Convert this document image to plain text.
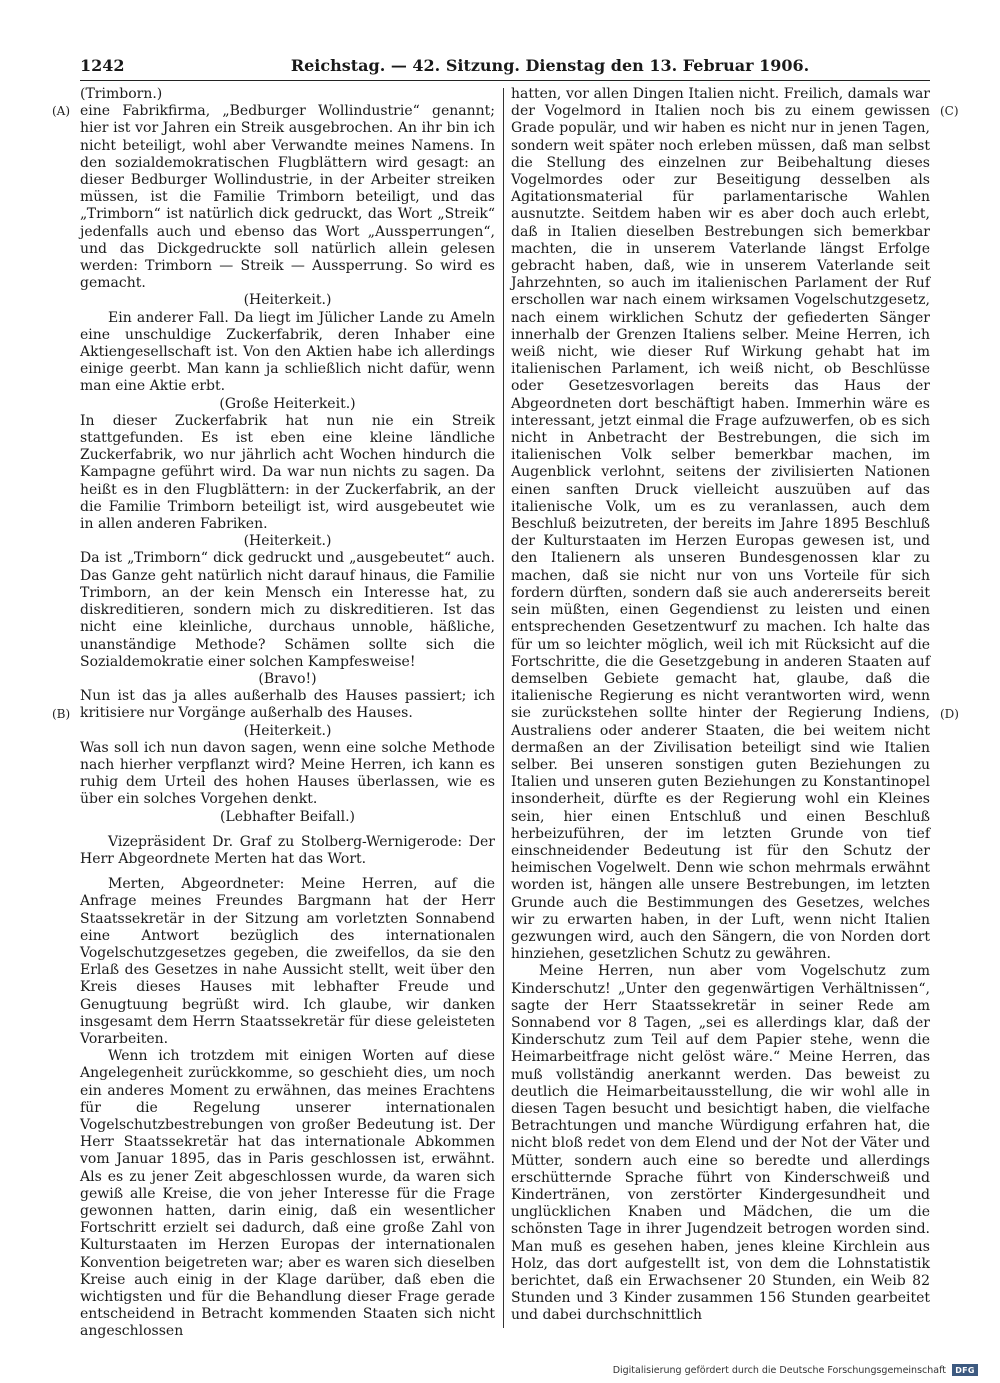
1242	Reichstag. — 42. Sitzung. Dienstag den 13. Februar 1906.
(A)
(B)
(C)
(D)

(Trimborn.)

eine Fabrikfirma, „Bedburger Wollindustrie“ genannt; hier ist vor Jahren ein Streik ausgebrochen. An ihr bin ich nicht beteiligt, wohl aber Verwandte meines Namens. In den sozialdemokratischen Flugblättern wird gesagt: an dieser Bedburger Wollindustrie, in der Arbeiter streiken müssen, ist die Familie Trimborn beteiligt, und das „Trimborn“ ist natürlich dick gedruckt, das Wort „Streik“ jedenfalls auch und ebenso das Wort „Aussperrungen“, und das Dickgedruckte soll natürlich allein gelesen werden: Trimborn — Streik — Aussperrung. So wird es gemacht.

(Heiterkeit.)

Ein anderer Fall. Da liegt im Jülicher Lande zu Ameln eine unschuldige Zuckerfabrik, deren Inhaber eine Aktiengesellschaft ist. Von den Aktien habe ich allerdings einige geerbt. Man kann ja schließlich nicht dafür, wenn man eine Aktie erbt.

(Große Heiterkeit.)

In dieser Zuckerfabrik hat nun nie ein Streik stattgefunden. Es ist eben eine kleine ländliche Zuckerfabrik, wo nur jährlich acht Wochen hindurch die Kampagne geführt wird. Da war nun nichts zu sagen. Da heißt es in den Flugblättern: in der Zuckerfabrik, an der die Familie Trimborn beteiligt ist, wird ausgebeutet wie in allen anderen Fabriken.

(Heiterkeit.)

Da ist „Trimborn“ dick gedruckt und „ausgebeutet“ auch. Das Ganze geht natürlich nicht darauf hinaus, die Familie Trimborn, an der kein Mensch ein Interesse hat, zu diskreditieren, sondern mich zu diskreditieren. Ist das nicht eine kleinliche, durchaus unnoble, häßliche, unanständige Methode? Schämen sollte sich die Sozialdemokratie einer solchen Kampfesweise!

(Bravo!)

Nun ist das ja alles außerhalb des Hauses passiert; ich kritisiere nur Vorgänge außerhalb des Hauses.

(Heiterkeit.)

Was soll ich nun davon sagen, wenn eine solche Methode nach hierher verpflanzt wird? Meine Herren, ich kann es ruhig dem Urteil des hohen Hauses überlassen, wie es über ein solches Vorgehen denkt.

(Lebhafter Beifall.)

Vizepräsident Dr. Graf zu Stolberg-Wernigerode: Der Herr Abgeordnete Merten hat das Wort.

Merten, Abgeordneter: Meine Herren, auf die Anfrage meines Freundes Bargmann hat der Herr Staatssekretär in der Sitzung am vorletzten Sonnabend eine Antwort bezüglich des internationalen Vogelschutzgesetzes gegeben, die zweifellos, da sie den Erlaß des Gesetzes in nahe Aussicht stellt, weit über den Kreis dieses Hauses mit lebhafter Freude und Genugtuung begrüßt wird. Ich glaube, wir danken insgesamt dem Herrn Staatssekretär für diese geleisteten Vorarbeiten.

Wenn ich trotzdem mit einigen Worten auf diese Angelegenheit zurückkomme, so geschieht dies, um noch ein anderes Moment zu erwähnen, das meines Erachtens für die Regelung unserer internationalen Vogelschutzbestrebungen von großer Bedeutung ist. Der Herr Staatssekretär hat das internationale Abkommen vom Januar 1895, das in Paris geschlossen ist, erwähnt. Als es zu jener Zeit abgeschlossen wurde, da waren sich gewiß alle Kreise, die von jeher Interesse für die Frage gewonnen hatten, darin einig, daß ein wesentlicher Fortschritt erzielt sei dadurch, daß eine große Zahl von Kulturstaaten im Herzen Europas der internationalen Konvention beigetreten war; aber es waren sich dieselben Kreise auch einig in der Klage darüber, daß eben die wichtigsten und für die Behandlung dieser Frage gerade entscheidend in Betracht kommenden Staaten sich nicht angeschlossen

hatten, vor allen Dingen Italien nicht. Freilich, damals war der Vogelmord in Italien noch bis zu einem gewissen Grade populär, und wir haben es nicht nur in jenen Tagen, sondern weit später noch erleben müssen, daß man selbst die Stellung des einzelnen zur Beibehaltung dieses Vogelmordes oder zur Beseitigung desselben als Agitationsmaterial für parlamentarische Wahlen ausnutzte. Seitdem haben wir es aber doch auch erlebt, daß in Italien dieselben Bestrebungen sich bemerkbar machten, die in unserem Vaterlande längst Erfolge gebracht haben, daß, wie in unserem Vaterlande seit Jahrzehnten, so auch im italienischen Parlament der Ruf erschollen war nach einem wirksamen Vogelschutzgesetz, nach einem wirklichen Schutz der gefiederten Sänger innerhalb der Grenzen Italiens selber. Meine Herren, ich weiß nicht, wie dieser Ruf Wirkung gehabt hat im italienischen Parlament, ich weiß nicht, ob Beschlüsse oder Gesetzesvorlagen bereits das Haus der Abgeordneten dort beschäftigt haben. Immerhin wäre es interessant, jetzt einmal die Frage aufzuwerfen, ob es sich nicht in Anbetracht der Bestrebungen, die sich im italienischen Volk selber bemerkbar machen, im Augenblick verlohnt, seitens der zivilisierten Nationen einen sanften Druck vielleicht auszuüben auf das italienische Volk, um es zu veranlassen, auch dem Beschluß beizutreten, der bereits im Jahre 1895 Beschluß der Kulturstaaten im Herzen Europas gewesen ist, und den Italienern als unseren Bundesgenossen klar zu machen, daß sie nicht nur von uns Vorteile für sich fordern dürften, sondern daß sie auch andererseits bereit sein müßten, einen Gegendienst zu leisten und einen entsprechenden Gesetzentwurf zu machen. Ich halte das für um so leichter möglich, weil ich mit Rücksicht auf die Fortschritte, die die Gesetzgebung in anderen Staaten auf demselben Gebiete gemacht hat, glaube, daß die italienische Regierung es nicht verantworten wird, wenn sie zurückstehen sollte hinter der Regierung Indiens, Australiens oder anderer Staaten, die bei weitem nicht dermaßen an der Zivilisation beteiligt sind wie Italien selber. Bei unseren sonstigen guten Beziehungen zu Italien und unseren guten Beziehungen zu Konstantinopel insonderheit, dürfte es der Regierung wohl ein Kleines sein, hier einen Entschluß und einen Beschluß herbeizuführen, der im letzten Grunde von tief einschneidender Bedeutung ist für den Schutz der heimischen Vogelwelt. Denn wie schon mehrmals erwähnt worden ist, hängen alle unsere Bestrebungen, im letzten Grunde auch die Bestimmungen des Gesetzes, welches wir zu erwarten haben, in der Luft, wenn nicht Italien gezwungen wird, auch den Sängern, die von Norden dort hinziehen, gesetzlichen Schutz zu gewähren.

Meine Herren, nun aber vom Vogelschutz zum Kinderschutz! „Unter den gegenwärtigen Verhältnissen“, sagte der Herr Staatssekretär in seiner Rede am Sonnabend vor 8 Tagen, „sei es allerdings klar, daß der Kinderschutz zum Teil auf dem Papier stehe, wenn die Heimarbeitfrage nicht gelöst wäre.“ Meine Herren, das muß vollständig anerkannt werden. Das beweist zu deutlich die Heimarbeitausstellung, die wir wohl alle in diesen Tagen besucht und besichtigt haben, die vielfache Betrachtungen und manche Würdigung erfahren hat, die nicht bloß redet von dem Elend und der Not der Väter und Mütter, sondern auch eine so beredte und allerdings erschütternde Sprache führt von Kinderschweiß und Kindertränen, von zerstörter Kindergesundheit und unglücklichen Knaben und Mädchen, die um die schönsten Tage in ihrer Jugendzeit betrogen worden sind. Man muß es gesehen haben, jenes kleine Kirchlein aus Holz, das dort aufgestellt ist, von dem die Lohnstatistik berichtet, daß ein Erwachsener 20 Stunden, ein Weib 82 Stunden und 3 Kinder zusammen 156 Stunden gearbeitet und dabei durchschnittlich

Digitalisierung gefördert durch die Deutsche Forschungsgemeinschaft	DFG
